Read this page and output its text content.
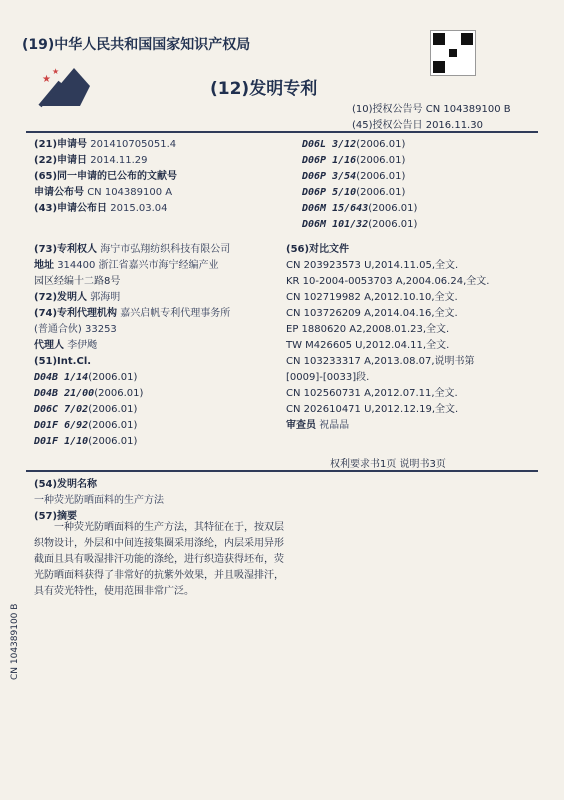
(19)中华人民共和国国家知识产权局
★
★
(12)发明专利
(10)授权公告号 CN 104389100 B
(45)授权公告日 2016.11.30
(21)申请号 201410705051.4
(22)申请日 2014.11.29
(65)同一申请的已公布的文献号
申请公布号 CN 104389100 A
(43)申请公布日 2015.03.04
D06L 3/12(2006.01)
D06P 1/16(2006.01)
D06P 3/54(2006.01)
D06P 5/10(2006.01)
D06M 15/643(2006.01)
D06M 101/32(2006.01)
(73)专利权人 海宁市弘翔纺织科技有限公司
地址 314400 浙江省嘉兴市海宁经编产业
园区经编十二路8号
(72)发明人 郭海明
(74)专利代理机构 嘉兴启帆专利代理事务所
(普通合伙) 33253
代理人 李伊飏
(51)Int.Cl.
D04B 1/14(2006.01)
D04B 21/00(2006.01)
D06C 7/02(2006.01)
D01F 6/92(2006.01)
D01F 1/10(2006.01)
(56)对比文件
CN 203923573 U,2014.11.05,全文.
KR 10-2004-0053703 A,2004.06.24,全文.
CN 102719982 A,2012.10.10,全文.
CN 103726209 A,2014.04.16,全文.
EP 1880620 A2,2008.01.23,全文.
TW M426605 U,2012.04.11,全文.
CN 103233317 A,2013.08.07,说明书第
[0009]-[0033]段.
CN 102560731 A,2012.07.11,全文.
CN 202610471 U,2012.12.19,全文.
审查员 祝晶晶
权利要求书1页 说明书3页
(54)发明名称
一种荧光防晒面料的生产方法
(57)摘要
一种荧光防晒面料的生产方法，其特征在于，按双层织物设计，外层和中间连接集圈采用涤纶，内层采用异形截面且具有吸湿排汗功能的涤纶，进行织造获得坯布，荧光防晒面料获得了非常好的抗紫外效果，并且吸湿排汗，具有荧光特性，使用范围非常广泛。
CN 104389100 B
